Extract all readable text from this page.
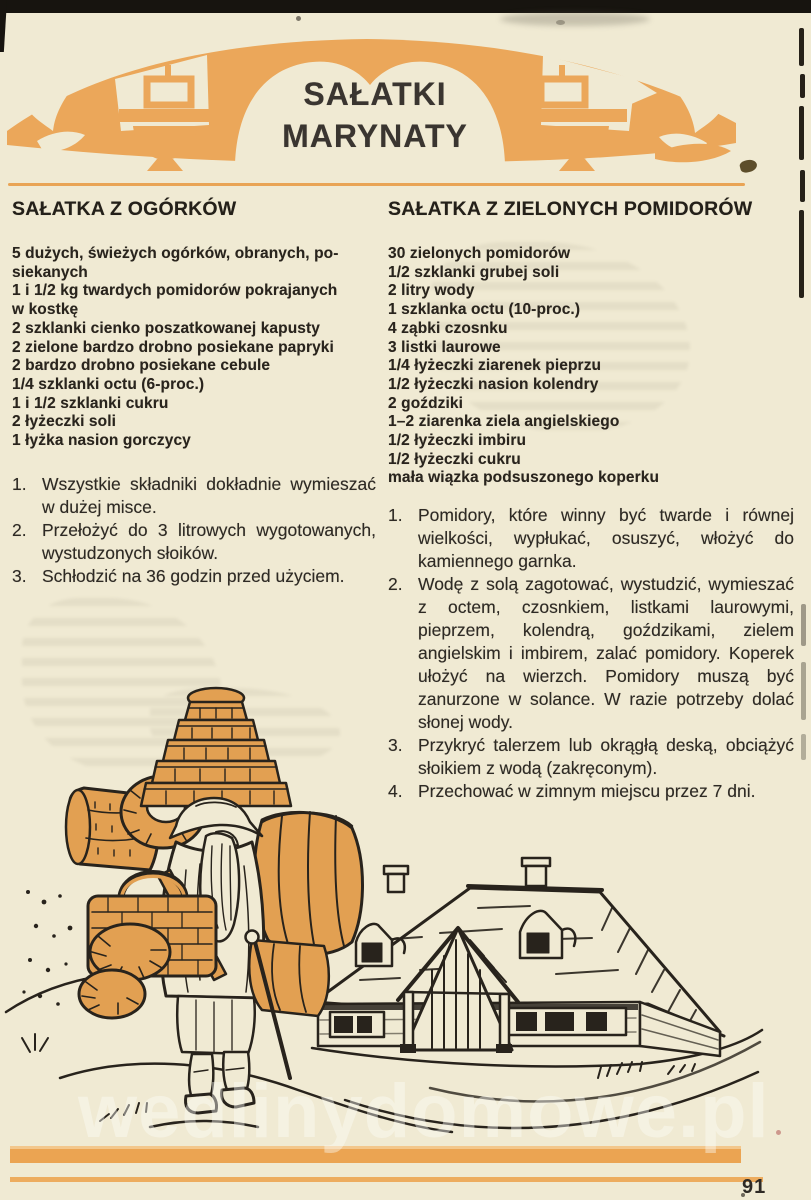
SAŁATKI
MARYNATY
SAŁATKA Z OGÓRKÓW
5 dużych, świeżych ogórków, obranych, po-
siekanych
1 i 1/2 kg twardych pomidorów pokrajanych
w kostkę
2 szklanki cienko poszatkowanej kapusty
2 zielone bardzo drobno posiekane papryki
2 bardzo drobno posiekane cebule
1/4 szklanki octu (6-proc.)
1 i 1/2 szklanki cukru
2 łyżeczki soli
1 łyżka nasion gorczycy
1. Wszystkie składniki dokładnie wymieszać w dużej misce.
2. Przełożyć do 3 litrowych wygotowanych, wystudzonych słoików.
3. Schłodzić na 36 godzin przed użyciem.
SAŁATKA Z ZIELONYCH POMIDORÓW
30 zielonych pomidorów
1/2 szklanki grubej soli
2 litry wody
1 szklanka octu (10-proc.)
4 ząbki czosnku
3 listki laurowe
1/4 łyżeczki ziarenek pieprzu
1/2 łyżeczki nasion kolendry
2 goździki
1–2 ziarenka ziela angielskiego
1/2 łyżeczki imbiru
1/2 łyżeczki cukru
mała wiązka podsuszonego koperku
1. Pomidory, które winny być twarde i równej wielkości, wypłukać, osuszyć, włożyć do kamiennego garnka.
2. Wodę z solą zagotować, wystudzić, wymieszać z octem, czosnkiem, listkami laurowymi, pieprzem, kolendrą, goździkami, zielem angielskim i imbirem, zalać pomidory. Koperek ułożyć na wierzch. Pomidory muszą być zanurzone w solance. W razie potrzeby dolać słonej wody.
3. Przykryć talerzem lub okrągłą deską, obciążyć słoikiem z wodą (zakręconym).
4. Przechować w zimnym miejscu przez 7 dni.
wedlinydomowe.pl
91
